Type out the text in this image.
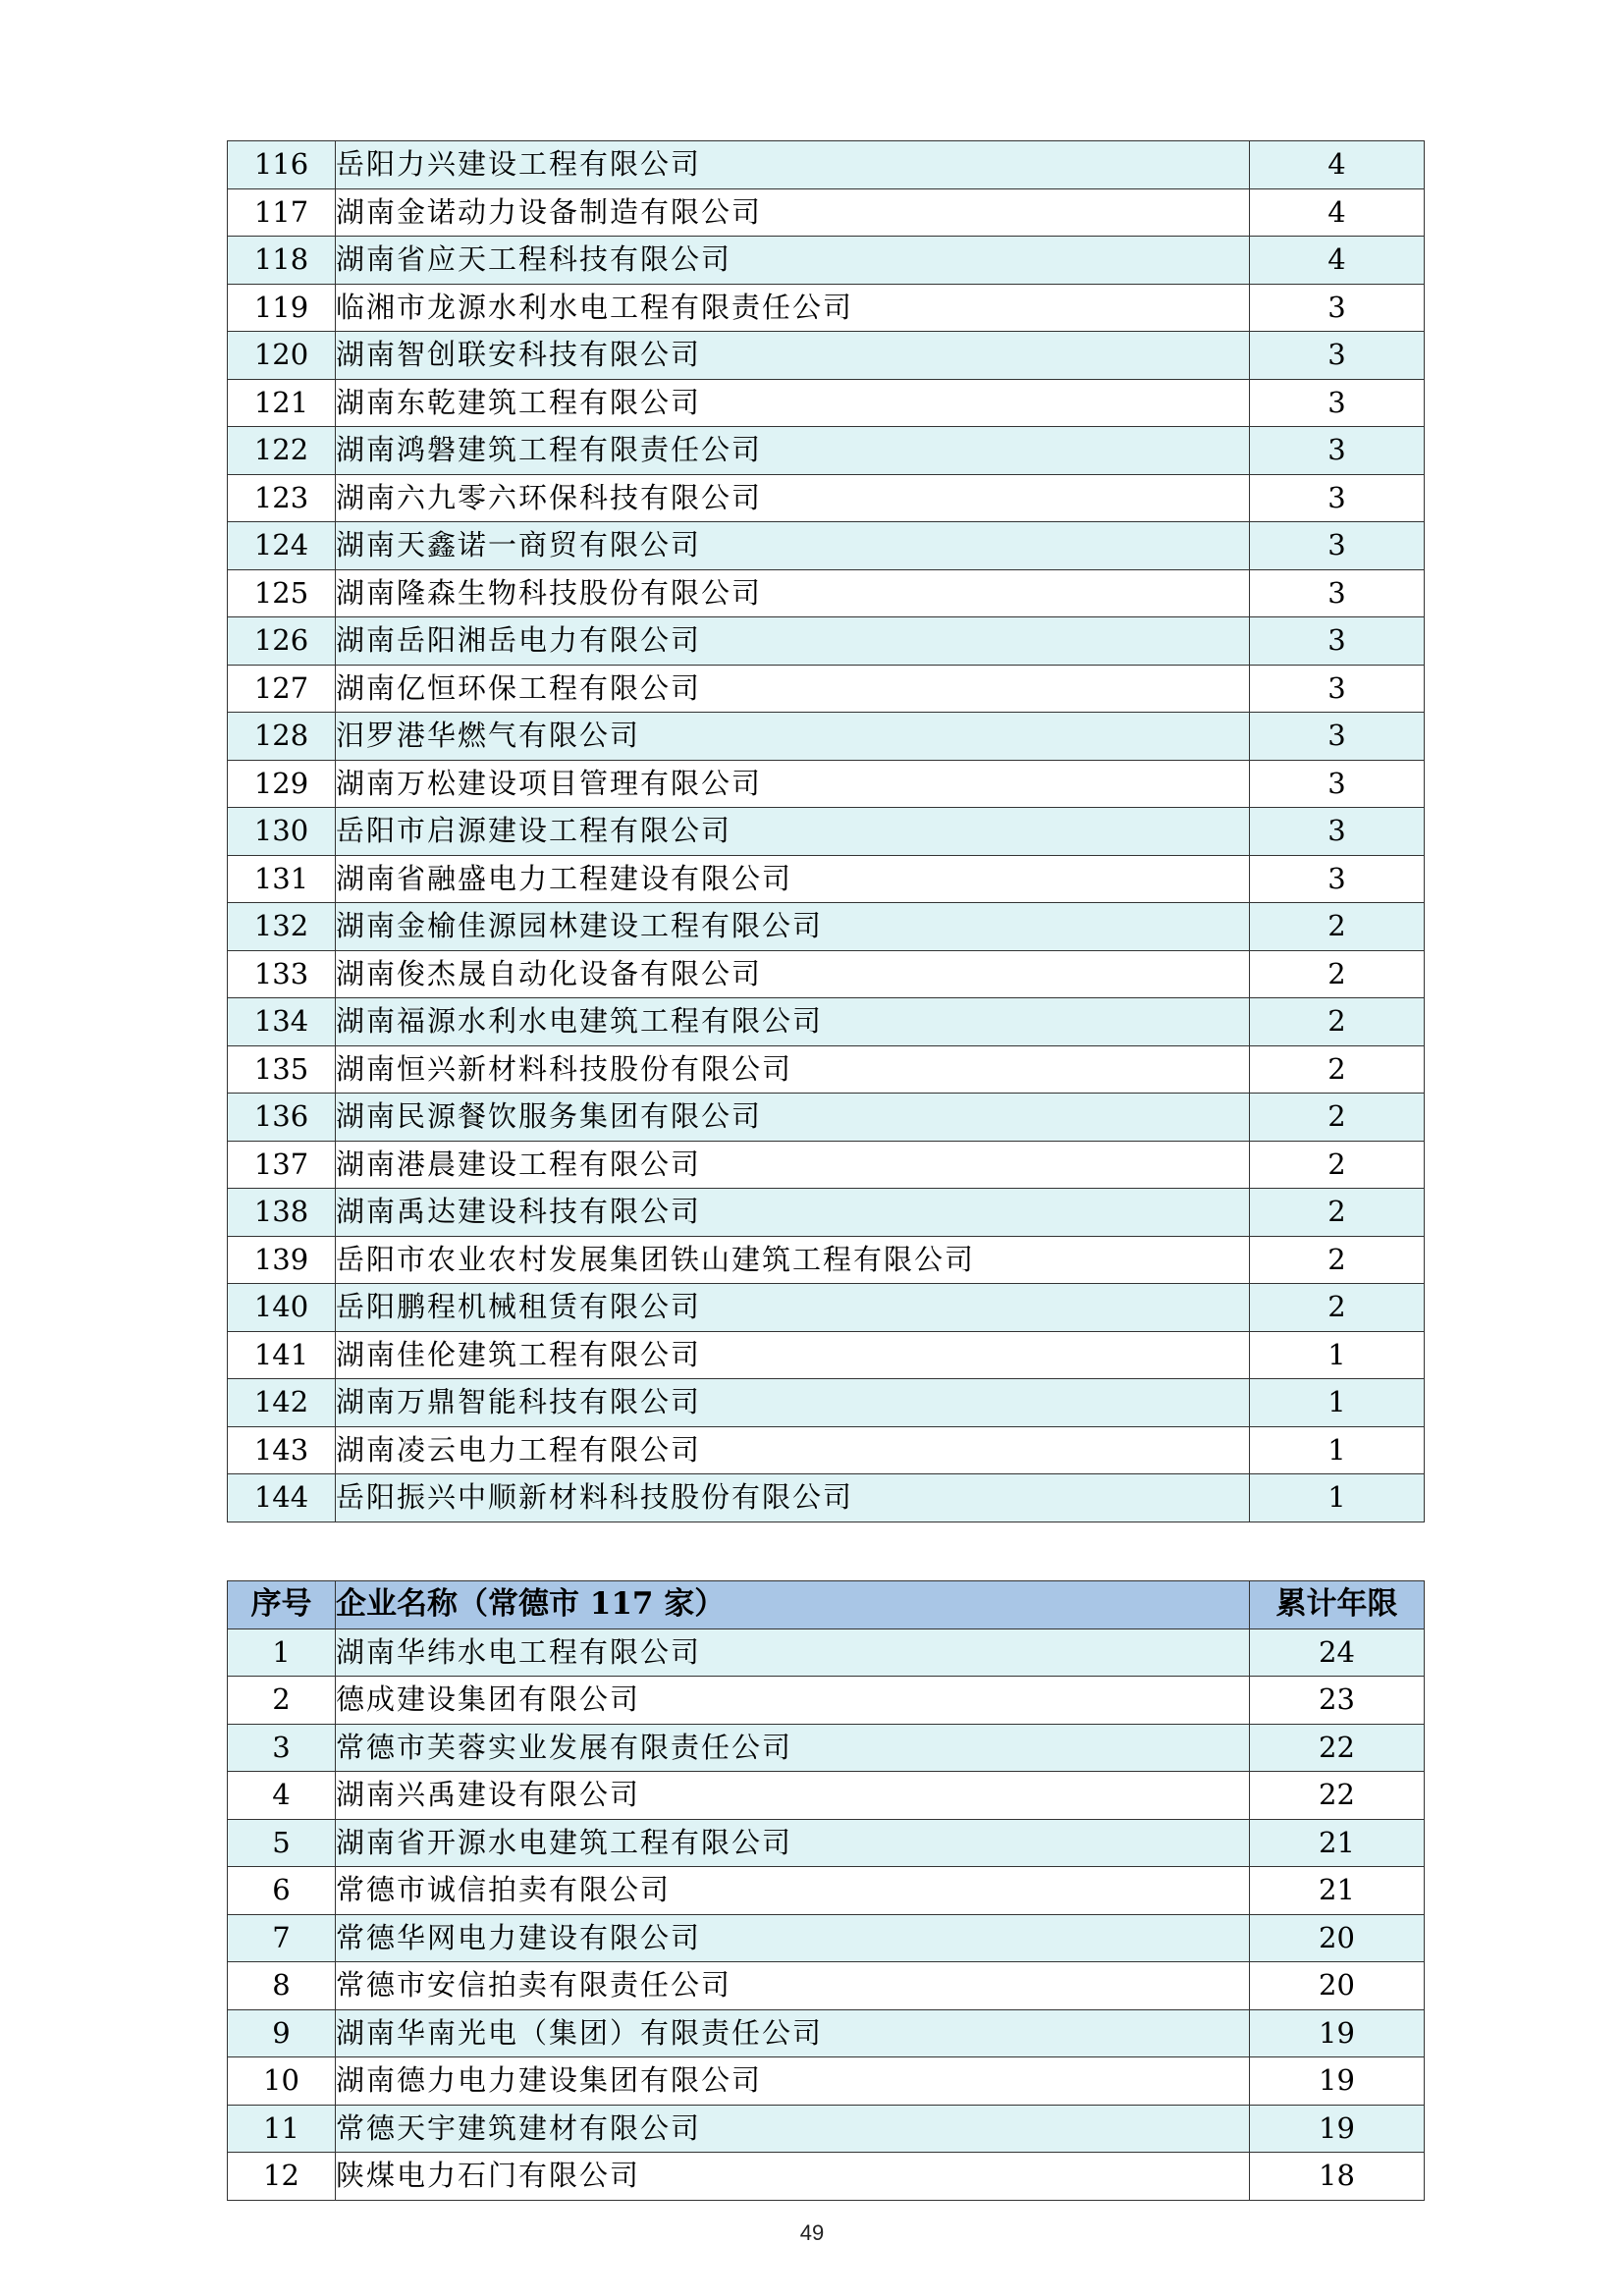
116	岳阳力兴建设工程有限公司	4
117	湖南金诺动力设备制造有限公司	4
118	湖南省应天工程科技有限公司	4
119	临湘市龙源水利水电工程有限责任公司	3
120	湖南智创联安科技有限公司	3
121	湖南东乾建筑工程有限公司	3
122	湖南鸿磐建筑工程有限责任公司	3
123	湖南六九零六环保科技有限公司	3
124	湖南天鑫诺一商贸有限公司	3
125	湖南隆森生物科技股份有限公司	3
126	湖南岳阳湘岳电力有限公司	3
127	湖南亿恒环保工程有限公司	3
128	汨罗港华燃气有限公司	3
129	湖南万松建设项目管理有限公司	3
130	岳阳市启源建设工程有限公司	3
131	湖南省融盛电力工程建设有限公司	3
132	湖南金榆佳源园林建设工程有限公司	2
133	湖南俊杰晟自动化设备有限公司	2
134	湖南福源水利水电建筑工程有限公司	2
135	湖南恒兴新材料科技股份有限公司	2
136	湖南民源餐饮服务集团有限公司	2
137	湖南港晨建设工程有限公司	2
138	湖南禹达建设科技有限公司	2
139	岳阳市农业农村发展集团铁山建筑工程有限公司	2
140	岳阳鹏程机械租赁有限公司	2
141	湖南佳伦建筑工程有限公司	1
142	湖南万鼎智能科技有限公司	1
143	湖南凌云电力工程有限公司	1
144	岳阳振兴中顺新材料科技股份有限公司	1
序号	企业名称（常德市 117 家）	累计年限
1	湖南华纬水电工程有限公司	24
2	德成建设集团有限公司	23
3	常德市芙蓉实业发展有限责任公司	22
4	湖南兴禹建设有限公司	22
5	湖南省开源水电建筑工程有限公司	21
6	常德市诚信拍卖有限公司	21
7	常德华网电力建设有限公司	20
8	常德市安信拍卖有限责任公司	20
9	湖南华南光电（集团）有限责任公司	19
10	湖南德力电力建设集团有限公司	19
11	常德天宇建筑建材有限公司	19
12	陕煤电力石门有限公司	18
49
